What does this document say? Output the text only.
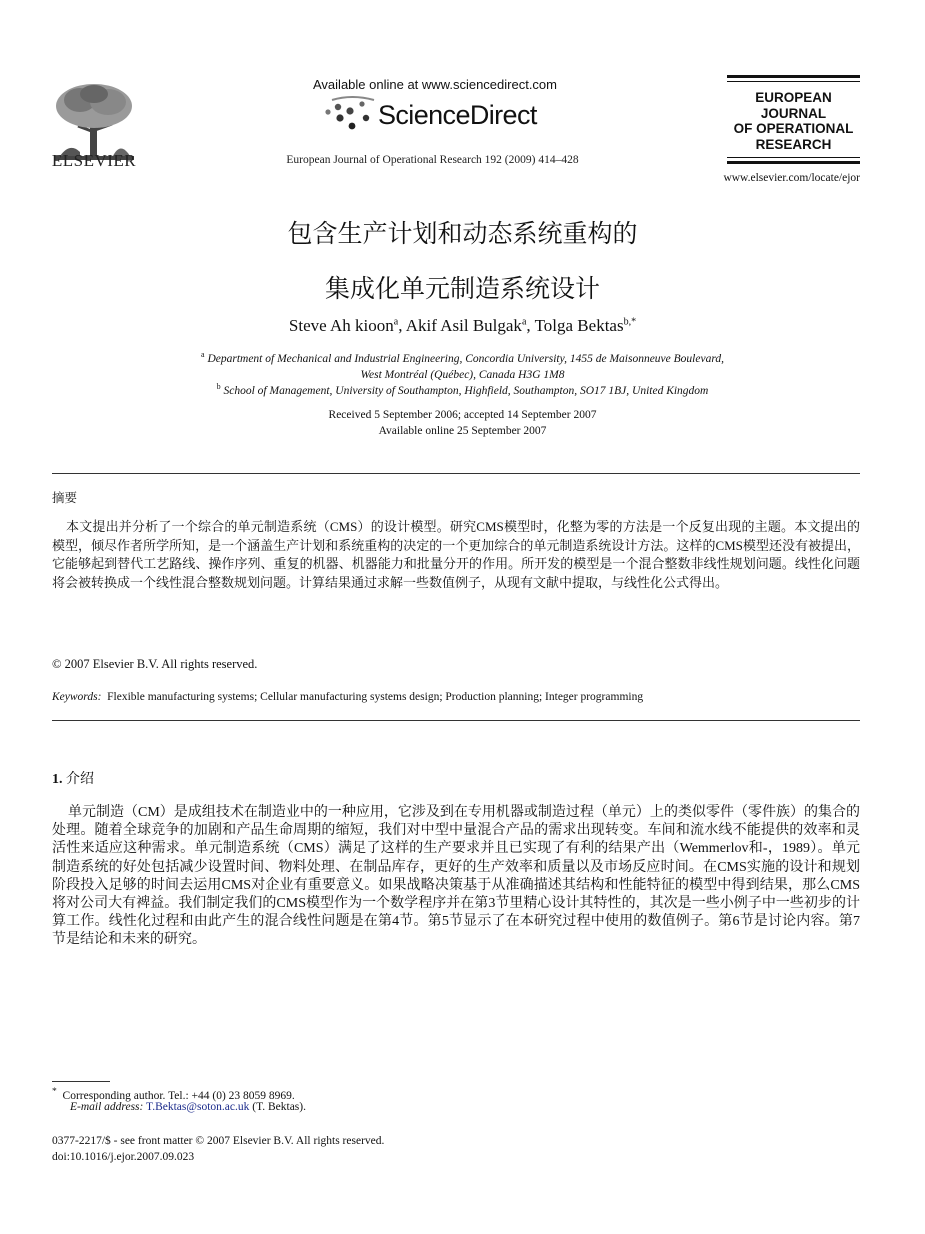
ELSEVIER
Available online at www.sciencedirect.com
ScienceDirect
European Journal of Operational Research 192 (2009) 414–428
EUROPEAN
JOURNAL
OF OPERATIONAL
RESEARCH
www.elsevier.com/locate/ejor
包含生产计划和动态系统重构的
集成化单元制造系统设计
Steve Ah kioon$^a$, Akif Asil Bulgak$^a$, Tolga Bektas$^{b,*}$
$^a$ Department of Mechanical and Industrial Engineering, Concordia University, 1455 de Maisonneuve Boulevard,
West Montréal (Québec), Canada H3G 1M8
$^b$ School of Management, University of Southampton, Highfield, Southampton, SO17 1BJ, United Kingdom
Received 5 September 2006; accepted 14 September 2007
Available online 25 September 2007
摘要
本文提出并分析了一个综合的单元制造系统（CMS）的设计模型。研究CMS模型时，化整为零的方法是一个反复出现的主题。本文提出的模型，倾尽作者所学所知，是一个涵盖生产计划和系统重构的决定的一个更加综合的单元制造系统设计方法。这样的CMS模型还没有被提出，它能够起到替代工艺路线、操作序列、重复的机器、机器能力和批量分开的作用。所开发的模型是一个混合整数非线性规划问题。线性化问题将会被转换成一个线性混合整数规划问题。计算结果通过求解一些数值例子，从现有文献中提取，与线性化公式得出。
© 2007 Elsevier B.V. All rights reserved.
Keywords: Flexible manufacturing systems; Cellular manufacturing systems design; Production planning; Integer programming
1. 介绍
单元制造（CM）是成组技术在制造业中的一种应用，它涉及到在专用机器或制造过程（单元）上的类似零件（零件族）的集合的处理。随着全球竞争的加剧和产品生命周期的缩短，我们对中型中量混合产品的需求出现转变。车间和流水线不能提供的效率和灵活性来适应这种需求。单元制造系统（CMS）满足了这样的生产要求并且已实现了有利的结果产出（Wemmerlov和-，1989）。单元制造系统的好处包括减少设置时间、物料处理、在制品库存，更好的生产效率和质量以及市场反应时间。在CMS实施的设计和规划阶段投入足够的时间去运用CMS对企业有重要意义。如果战略决策基于从准确描述其结构和性能特征的模型中得到结果，那么CMS将对公司大有裨益。我们制定我们的CMS模型作为一个数学程序并在第3节里精心设计其特性的，其次是一些小例子中一些初步的计算工作。线性化过程和由此产生的混合线性问题是在第4节。第5节显示了在本研究过程中使用的数值例子。第6节是讨论内容。第7节是结论和未来的研究。
* Corresponding author. Tel.: +44 (0) 23 8059 8969.
E-mail address: T.Bektas@soton.ac.uk (T. Bektas).
0377-2217/$ - see front matter © 2007 Elsevier B.V. All rights reserved.
doi:10.1016/j.ejor.2007.09.023
